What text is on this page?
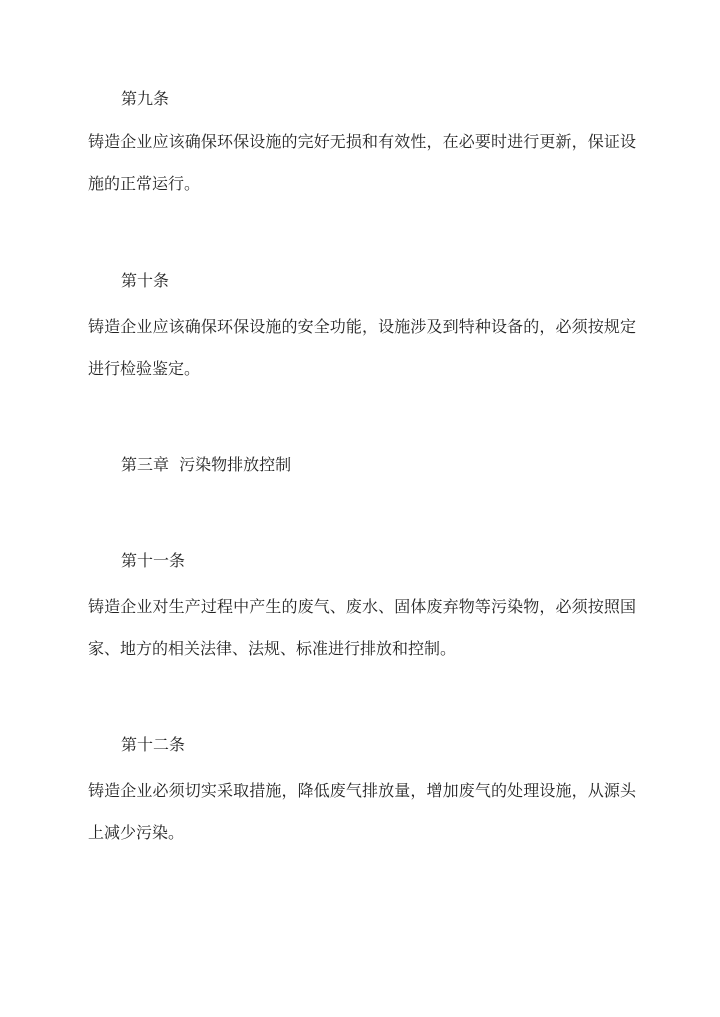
第九条

铸造企业应该确保环保设施的完好无损和有效性，在必要时进行更新，保证设施的正常运行。

第十条

铸造企业应该确保环保设施的安全功能，设施涉及到特种设备的，必须按规定进行检验鉴定。

第三章  污染物排放控制

第十一条

铸造企业对生产过程中产生的废气、废水、固体废弃物等污染物，必须按照国家、地方的相关法律、法规、标准进行排放和控制。

第十二条

铸造企业必须切实采取措施，降低废气排放量，增加废气的处理设施，从源头上减少污染。
